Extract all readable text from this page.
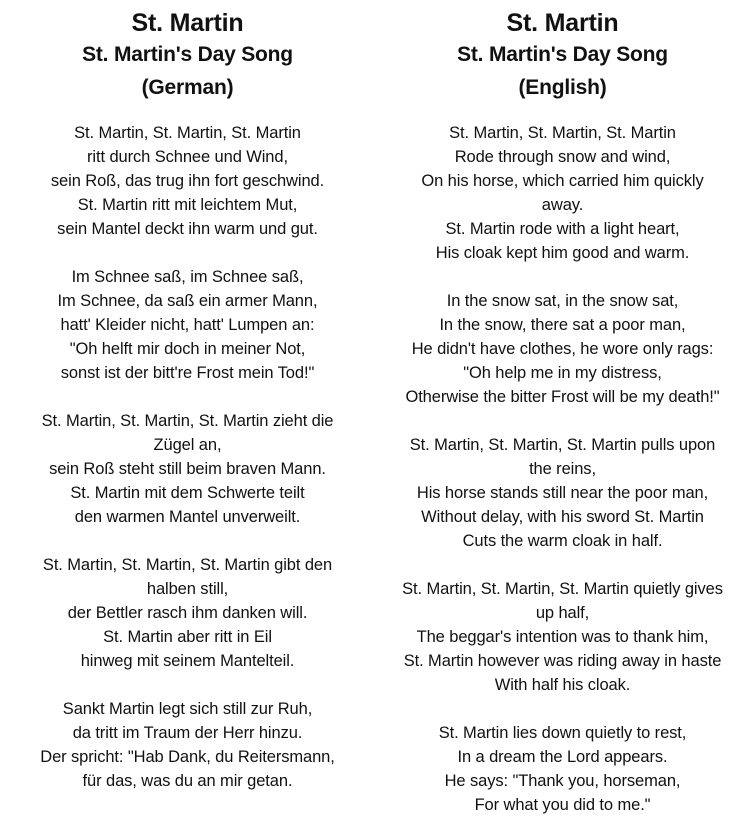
St. Martin
St. Martin's Day Song
(German)
St. Martin, St. Martin, St. Martin
ritt durch Schnee und Wind,
sein Roß, das trug ihn fort geschwind.
St. Martin ritt mit leichtem Mut,
sein Mantel deckt ihn warm und gut.
Im Schnee saß, im Schnee saß,
Im Schnee, da saß ein armer Mann,
hatt' Kleider nicht, hatt' Lumpen an:
"Oh helft mir doch in meiner Not,
sonst ist der bitt're Frost mein Tod!"
St. Martin, St. Martin, St. Martin zieht die Zügel an,
sein Roß steht still beim braven Mann.
St. Martin mit dem Schwerte teilt
den warmen Mantel unverweilt.
St. Martin, St. Martin, St. Martin gibt den halben still,
der Bettler rasch ihm danken will.
St. Martin aber ritt in Eil
hinweg mit seinem Mantelteil.
Sankt Martin legt sich still zur Ruh,
da tritt im Traum der Herr hinzu.
Der spricht: "Hab Dank, du Reitersmann,
für das, was du an mir getan.
St. Martin
St. Martin's Day Song
(English)
St. Martin, St. Martin, St. Martin
Rode through snow and wind,
On his horse, which carried him quickly away.
St. Martin rode with a light heart,
His cloak kept him good and warm.
In the snow sat, in the snow sat,
In the snow, there sat a poor man,
He didn't have clothes, he wore only rags:
"Oh help me in my distress,
Otherwise the bitter Frost will be my death!"
St. Martin, St. Martin, St. Martin pulls upon the reins,
His horse stands still near the poor man,
Without delay, with his sword St. Martin
Cuts the warm cloak in half.
St. Martin, St. Martin, St. Martin quietly gives up half,
The beggar's intention was to thank him,
St. Martin however was riding away in haste
With half his cloak.
St. Martin lies down quietly to rest,
In a dream the Lord appears.
He says: "Thank you, horseman,
For what you did to me."
